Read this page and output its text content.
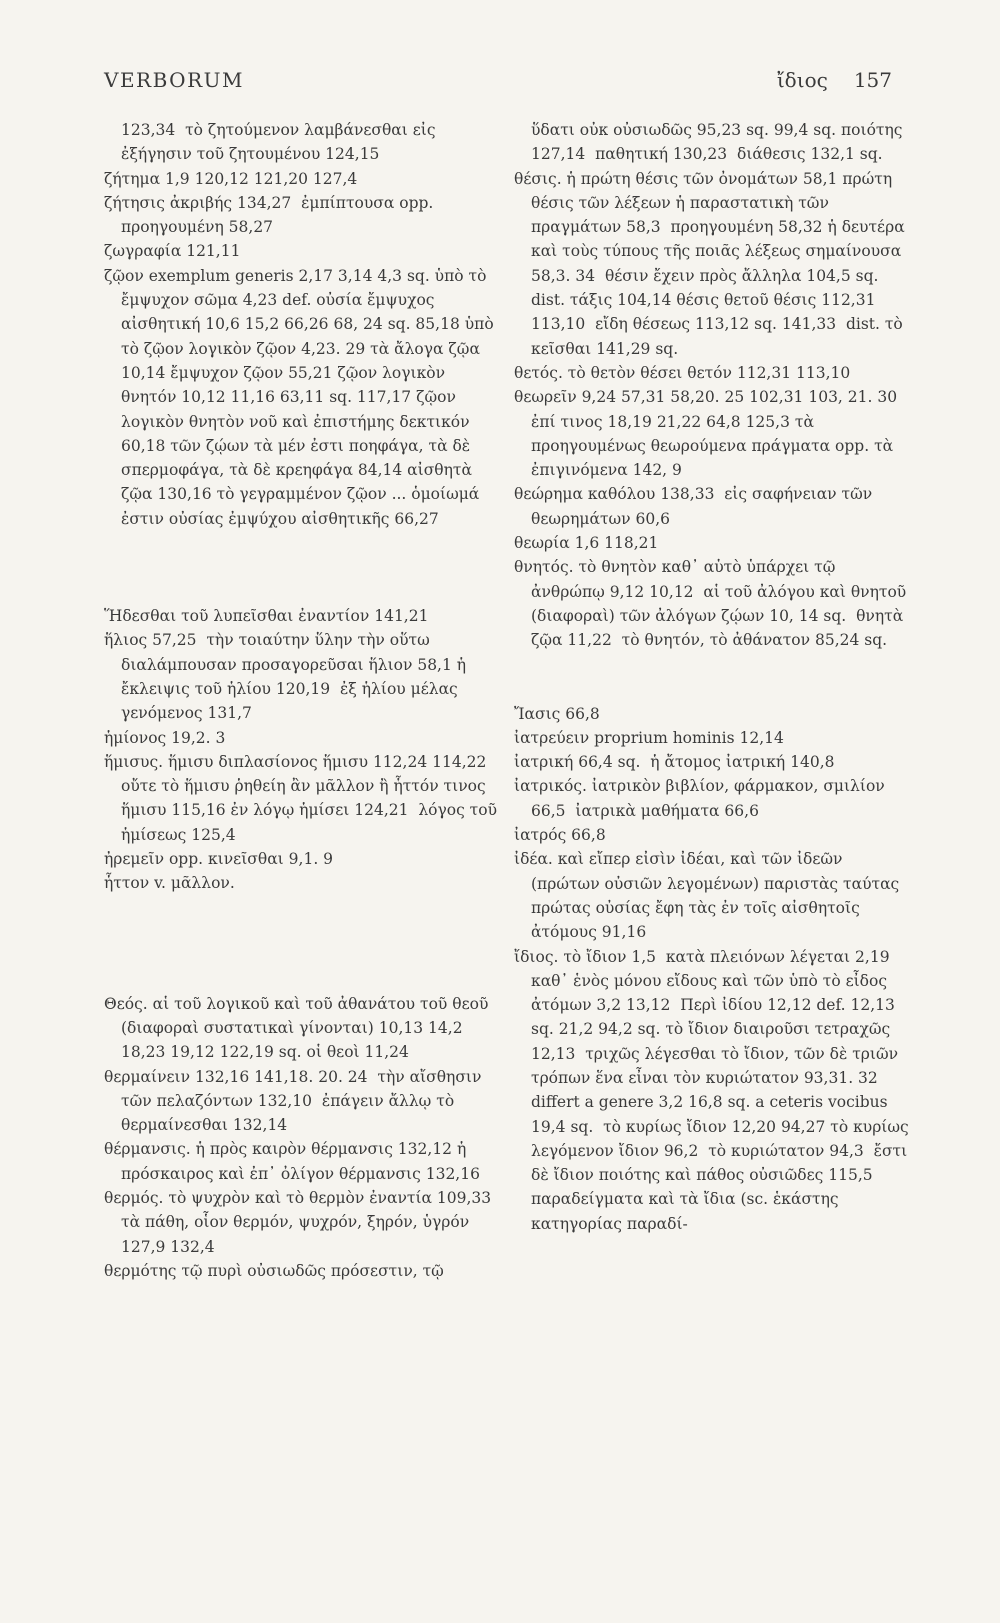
VERBORUM	ἴδιος 157

123,34  τὸ ζητούμενον λαμβάνεσθαι εἰς ἐξήγησιν τοῦ ζητουμένου 124,15

ζήτημα 1,9 120,12 121,20 127,4

ζήτησις ἀκριβής 134,27  ἐμπίπτουσα opp. προηγουμένη 58,27

ζωγραφία 121,11

ζῷον exemplum generis 2,17 3,14 4,3 sq. ὑπὸ τὸ ἔμψυχον σῶμα 4,23 def. οὐσία ἔμψυχος αἰσθητική 10,6 15,2 66,26 68, 24 sq. 85,18 ὑπὸ τὸ ζῷον λογικὸν ζῷον 4,23. 29 τὰ ἄλογα ζῷα 10,14 ἔμψυχον ζῷον 55,21 ζῷον λογικὸν θνητόν 10,12 11,16 63,11 sq. 117,17 ζῷον λογικὸν θνητὸν νοῦ καὶ ἐπιστήμης δεκτικόν 60,18 τῶν ζῴων τὰ μέν ἐστι ποηφάγα, τὰ δὲ σπερμοφάγα, τὰ δὲ κρεηφάγα 84,14 αἰσθητὰ ζῷα 130,16 τὸ γεγραμμένον ζῷον ... ὁμοίωμά ἐστιν οὐσίας ἐμψύχου αἰσθητικῆς 66,27

Ἥδεσθαι τοῦ λυπεῖσθαι ἐναντίον 141,21

ἥλιος 57,25  τὴν τοιαύτην ὕλην τὴν οὕτω διαλάμπουσαν προσαγορεῦσαι ἥλιον 58,1 ἡ ἔκλειψις τοῦ ἡλίου 120,19  ἐξ ἡλίου μέλας γενόμενος 131,7

ἡμίονος 19,2. 3

ἥμισυς. ἥμισυ διπλασίονος ἥμισυ 112,24 114,22 οὔτε τὸ ἥμισυ ῥηθείη ἂν μᾶλλον ἢ ἧττόν τινος ἥμισυ 115,16 ἐν λόγῳ ἡμίσει 124,21  λόγος τοῦ ἡμίσεως 125,4

ἠρεμεῖν opp. κινεῖσθαι 9,1. 9

ἧττον v. μᾶλλον.

Θεός. αἱ τοῦ λογικοῦ καὶ τοῦ ἀθανάτου τοῦ θεοῦ (διαφοραὶ συστατικαὶ γίνονται) 10,13 14,2 18,23 19,12 122,19 sq. οἱ θεοὶ 11,24

θερμαίνειν 132,16 141,18. 20. 24  τὴν αἴσθησιν τῶν πελαζόντων 132,10  ἐπάγειν ἄλλῳ τὸ θερμαίνεσθαι 132,14

θέρμανσις. ἡ πρὸς καιρὸν θέρμανσις 132,12 ἡ πρόσκαιρος καὶ ἐπ᾽ ὀλίγον θέρμανσις 132,16

θερμός. τὸ ψυχρὸν καὶ τὸ θερμὸν ἐναντία 109,33  τὰ πάθη, οἷον θερμόν, ψυχρόν, ξηρόν, ὑγρόν 127,9 132,4

θερμότης τῷ πυρὶ οὐσιωδῶς πρόσεστιν, τῷ

ὕδατι οὐκ οὐσιωδῶς 95,23 sq. 99,4 sq. ποιότης 127,14  παθητική 130,23  διάθεσις 132,1 sq.

θέσις. ἡ πρώτη θέσις τῶν ὀνομάτων 58,1 πρώτη θέσις τῶν λέξεων ἡ παραστατικὴ τῶν πραγμάτων 58,3  προηγουμένη 58,32 ἡ δευτέρα καὶ τοὺς τύπους τῆς ποιᾶς λέξεως σημαίνουσα 58,3. 34  θέσιν ἔχειν πρὸς ἄλληλα 104,5 sq. dist. τάξις 104,14 θέσις θετοῦ θέσις 112,31 113,10  εἴδη θέσεως 113,12 sq. 141,33  dist. τὸ κεῖσθαι 141,29 sq.

θετός. τὸ θετὸν θέσει θετόν 112,31 113,10

θεωρεῖν 9,24 57,31 58,20. 25 102,31 103, 21. 30  ἐπί τινος 18,19 21,22 64,8 125,3 τὰ προηγουμένως θεωρούμενα πράγματα opp. τὰ ἐπιγινόμενα 142, 9

θεώρημα καθόλου 138,33  εἰς σαφήνειαν τῶν θεωρημάτων 60,6

θεωρία 1,6 118,21

θνητός. τὸ θνητὸν καθ᾽ αὑτὸ ὑπάρχει τῷ ἀνθρώπῳ 9,12 10,12  αἱ τοῦ ἀλόγου καὶ θνητοῦ (διαφοραὶ) τῶν ἀλόγων ζῴων 10, 14 sq.  θνητὰ ζῷα 11,22  τὸ θνητόν, τὸ ἀθάνατον 85,24 sq.

Ἴασις 66,8

ἰατρεύειν proprium hominis 12,14

ἰατρική 66,4 sq.  ἡ ἄτομος ἰατρική 140,8

ἰατρικός. ἰατρικὸν βιβλίον, φάρμακον, σμιλίον 66,5  ἰατρικὰ μαθήματα 66,6

ἰατρός 66,8

ἰδέα. καὶ εἴπερ εἰσὶν ἰδέαι, καὶ τῶν ἰδεῶν (πρώτων οὐσιῶν λεγομένων) παριστὰς ταύτας πρώτας οὐσίας ἔφη τὰς ἐν τοῖς αἰσθητοῖς ἀτόμους 91,16

ἴδιος. τὸ ἴδιον 1,5  κατὰ πλειόνων λέγεται 2,19  καθ᾽ ἑνὸς μόνου εἴδους καὶ τῶν ὑπὸ τὸ εἶδος ἀτόμων 3,2 13,12  Περὶ ἰδίου 12,12 def. 12,13 sq. 21,2 94,2 sq. τὸ ἴδιον διαιροῦσι τετραχῶς 12,13  τριχῶς λέγεσθαι τὸ ἴδιον, τῶν δὲ τριῶν τρόπων ἕνα εἶναι τὸν κυριώτατον 93,31. 32  differt a genere 3,2 16,8 sq. a ceteris vocibus 19,4 sq.  τὸ κυρίως ἴδιον 12,20 94,27 τὸ κυρίως λεγόμενον ἴδιον 96,2  τὸ κυριώτατον 94,3  ἔστι δὲ ἴδιον ποιότης καὶ πάθος οὐσιῶδες 115,5  παραδείγματα καὶ τὰ ἴδια (sc. ἑκάστης κατηγορίας παραδί-
